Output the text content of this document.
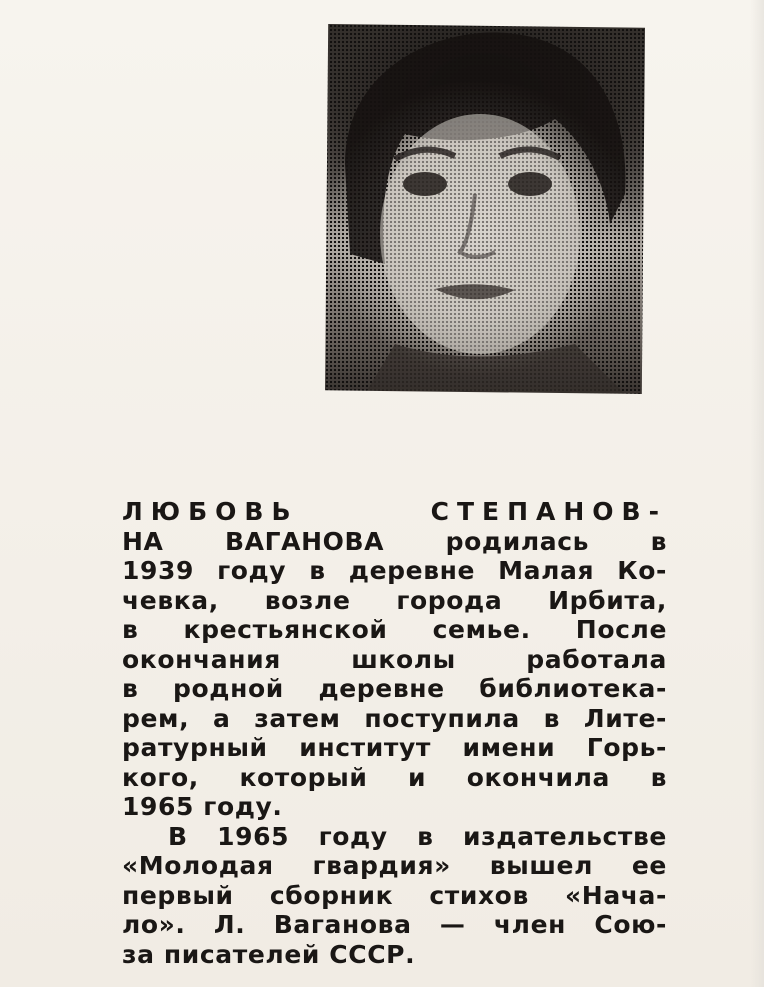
ЛЮБОВЬ СТЕПАНОВ-
НА ВАГАНОВА родилась в
1939 году в деревне Малая Ко-
чевка, возле города Ирбита,
в крестьянской семье. После
окончания школы работала
в родной деревне библиотека-
рем, а затем поступила в Лите-
ратурный институт имени Горь-
кого, который и окончила в
1965 году.
В 1965 году в издательстве
«Молодая гвардия» вышел ее
первый сборник стихов «Нача-
ло». Л. Ваганова — член Сою-
за писателей СССР.
